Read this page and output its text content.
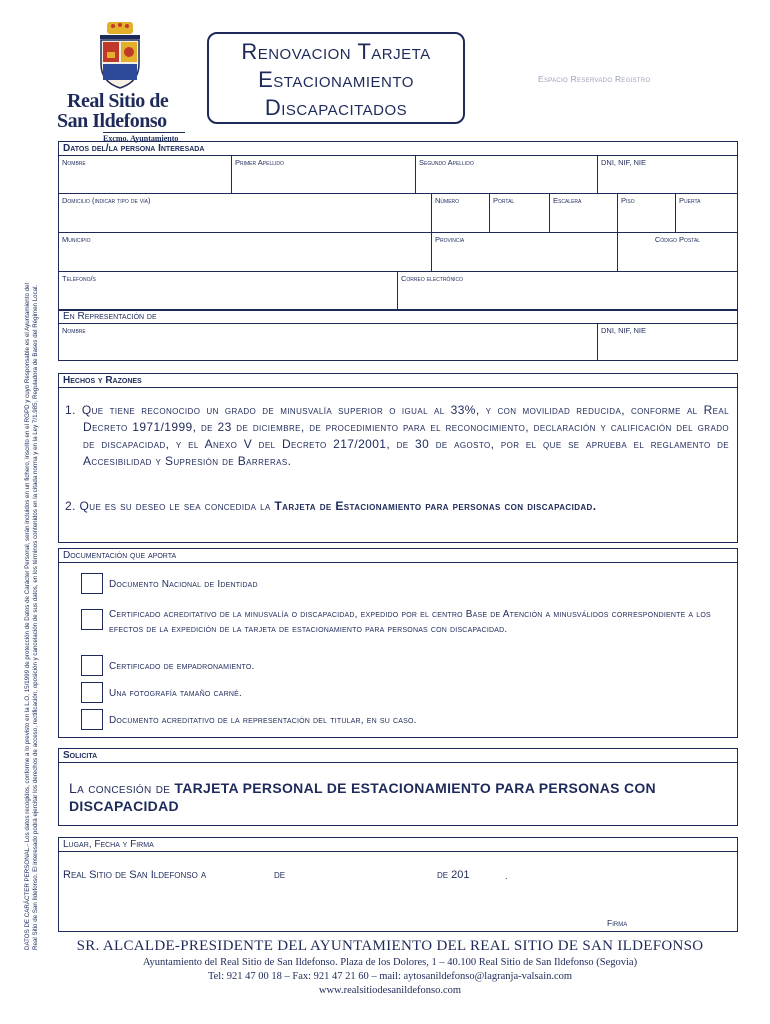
DATOS DE CARÁCTER PERSONAL.- Los datos recogidos, conforme a lo previsto en la L.O. 15/1999 de protección de Datos de Carácter Personal, serán incluidos en un fichero, inscrito en el RGPD y cuyo Responsable es el Ayuntamiento del Real Sitio de San Ildefonso. El interesado podrá ejercitar los derechos de acceso, rectificación, oposición y cancelación de sus datos, en los términos contenidos en la citada norma y en la Ley 7/1.985, Reguladora de Bases del Régimen Local.
Real Sitio de
San Ildefonso
Excmo. Ayuntamiento
Renovacion Tarjeta
Estacionamiento
Discapacitados
Espacio Reservado Registro
Datos del/la persona Interesada
Nombre	Primer Apellido	Segundo Apellido	DNI, NIF, NIE
Domicilio (indicar tipo de vía)	Número	Portal	Escalera	Piso	Puerta
Municipio	Provincia	Código Postal
Teléfono/s	Correo electrónico
En Representación de
Nombre	DNI, NIF, NIE
Hechos y Razones

1. Que tiene reconocido un grado de minusvalía superior o igual al 33%, y con movilidad reducida, conforme al Real Decreto 1971/1999, de 23 de diciembre, de procedimiento para el reconocimiento, declaración y calificación del grado de discapacidad, y el Anexo V del Decreto 217/2001, de 30 de agosto, por el que se aprueba el reglamento de Accesibilidad y Supresión de Barreras.

2. Que es su deseo le sea concedida la Tarjeta de Estacionamiento para personas con discapacidad.

Documentación que aporta
Documento Nacional de Identidad
Certificado acreditativo de la minusvalía o discapacidad, expedido por el centro Base de Atención a minusválidos correspondiente a los efectos de la expedición de la tarjeta de estacionamiento para personas con discapacidad.
Certificado de empadronamiento.
Una fotografía tamaño carné.
Documento acreditativo de la representación del titular, en su caso.
Solicita

La concesión de TARJETA PERSONAL DE ESTACIONAMIENTO PARA PERSONAS CON DISCAPACIDAD

Lugar, Fecha y Firma
Real Sitio de San Ildefonso a	de	de 201	.
Firma
SR. ALCALDE-PRESIDENTE DEL AYUNTAMIENTO DEL REAL SITIO DE SAN ILDEFONSO
Ayuntamiento del Real Sitio de San Ildefonso. Plaza de los Dolores, 1 – 40.100 Real Sitio de San Ildefonso (Segovia)
Tel: 921 47 00 18 – Fax: 921 47 21 60 – mail: aytosanildefonso@lagranja-valsain.com
www.realsitiodesanildefonso.com
